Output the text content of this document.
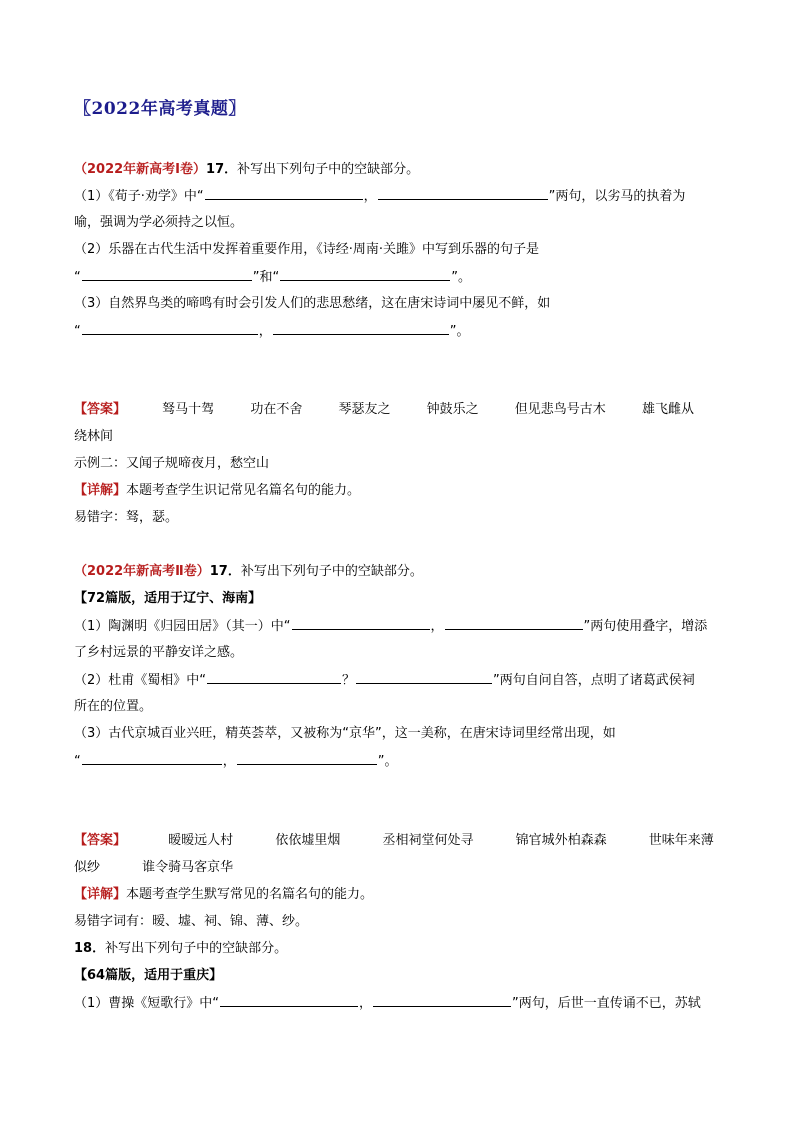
〖2022年高考真题〗
（2022年新高考Ⅰ卷）17．补写出下列句子中的空缺部分。
（1）《荀子·劝学》中“	，	”两句，以劣马的执着为
喻，强调为学必须持之以恒。
（2）乐器在古代生活中发挥着重要作用，《诗经·周南·关雎》中写到乐器的句子是
“	”和“	”。
（3）自然界鸟类的啼鸣有时会引发人们的悲思愁绪，这在唐宋诗词中屡见不鲜，如
“	，	”。
【答案】	驽马十驾	功在不舍	琴瑟友之	钟鼓乐之	但见悲鸟号古木	雄飞雌从
绕林间
示例二：又闻子规啼夜月，愁空山
【详解】本题考查学生识记常见名篇名句的能力。
易错字：驽，瑟。
（2022年新高考Ⅱ卷）17．补写出下列句子中的空缺部分。
【72篇版，适用于辽宁、海南】
（1）陶渊明《归园田居》（其一）中“	，	”两句使用叠字，增添
了乡村远景的平静安详之感。
（2）杜甫《蜀相》中“	？	”两句自问自答，点明了诸葛武侯祠
所在的位置。
（3）古代京城百业兴旺，精英荟萃，又被称为“京华”，这一美称，在唐宋诗词里经常出现，如
“	，	”。
【答案】	暧暧远人村	依依墟里烟	丞相祠堂何处寻	锦官城外柏森森	世味年来薄
似纱	谁令骑马客京华
【详解】本题考查学生默写常见的名篇名句的能力。
易错字词有：暧、墟、祠、锦、薄、纱。
18．补写出下列句子中的空缺部分。
【64篇版，适用于重庆】
（1）曹操《短歌行》中“	，	”两句，后世一直传诵不已，苏轼
